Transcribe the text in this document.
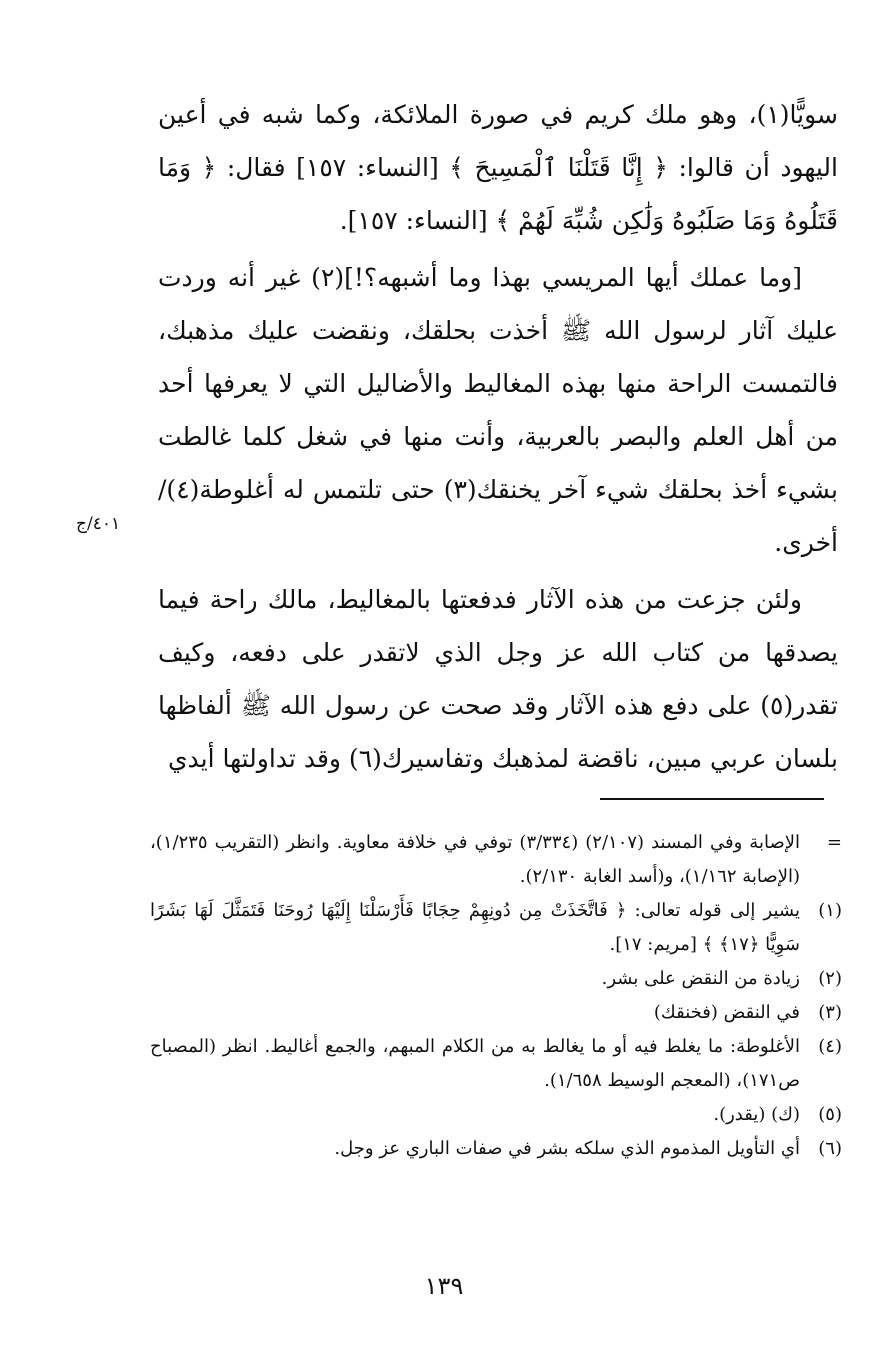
سويًّا(١)، وهو ملك كريم في صورة الملائكة، وكما شبه في أعين اليهود أن قالوا: ﴿ إِنَّا قَتَلْنَا ٱلْمَسِيحَ ﴾ [النساء: ١٥٧] فقال: ﴿ وَمَا قَتَلُوهُ وَمَا صَلَبُوهُ وَلَٰكِن شُبِّهَ لَهُمْ ﴾ [النساء: ١٥٧].

[وما عملك أيها المريسي بهذا وما أشبهه؟!](٢) غير أنه وردت عليك آثار لرسول الله ﷺ أخذت بحلقك، ونقضت عليك مذهبك، فالتمست الراحة منها بهذه المغاليط والأضاليل التي لا يعرفها أحد من أهل العلم والبصر بالعربية، وأنت منها في شغل كلما غالطت بشيء أخذ بحلقك شيء آخر يخنقك(٣) حتى تلتمس له أغلوطة(٤)/ أخرى.

ولئن جزعت من هذه الآثار فدفعتها بالمغاليط، مالك راحة فيما يصدقها من كتاب الله عز وجل الذي لاتقدر على دفعه، وكيف تقدر(٥) على دفع هذه الآثار وقد صحت عن رسول الله ﷺ ألفاظها بلسان عربي مبين، ناقضة لمذهبك وتفاسيرك(٦) وقد تداولتها أيدي

٤٠١/ج
=
الإصابة وفي المسند (٢/١٠٧) (٣/٣٣٤) توفي في خلافة معاوية. وانظر (التقريب ١/٢٣٥)، (الإصابة ١/١٦٢)، و(أسد الغابة ٢/١٣٠).
(١)
يشير إلى قوله تعالى: ﴿ فَاتَّخَذَتْ مِن دُونِهِمْ حِجَابًا فَأَرْسَلْنَا إِلَيْهَا رُوحَنَا فَتَمَثَّلَ لَهَا بَشَرًا سَوِيًّا ﴿١٧﴾ ﴾ [مريم: ١٧].
(٢)
زيادة من النقض على بشر.
(٣)
في النقض (فخنقك)
(٤)
الأغلوطة: ما يغلط فيه أو ما يغالط به من الكلام المبهم، والجمع أغاليط. انظر (المصباح ص١٧١)، (المعجم الوسيط ١/٦٥٨).
(٥)
(ك) (يقدر).
(٦)
أي التأويل المذموم الذي سلكه بشر في صفات الباري عز وجل.
١٣٩
